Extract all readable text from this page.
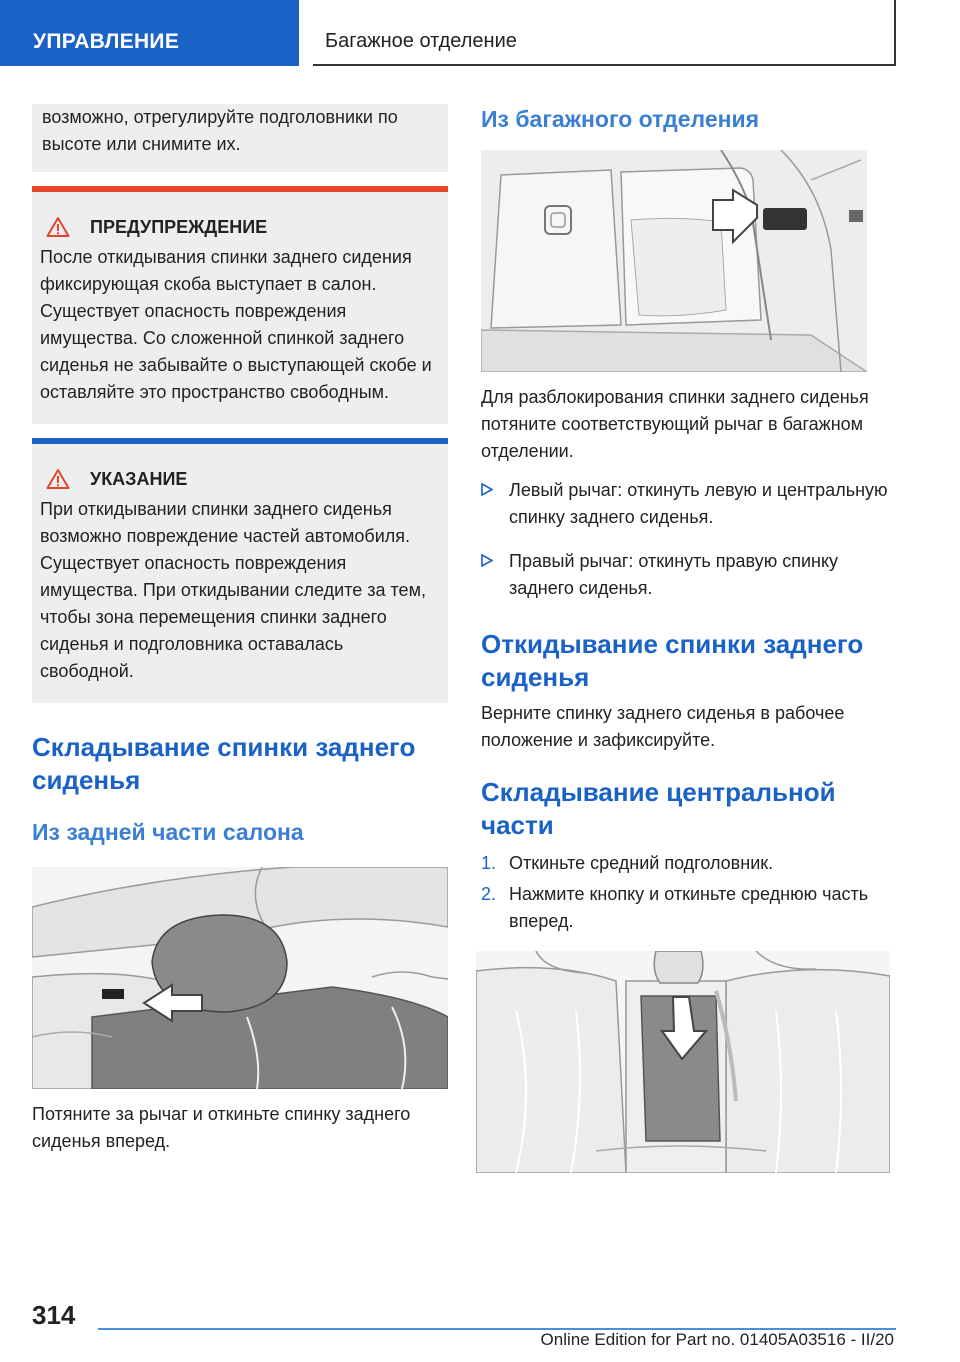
УПРАВЛЕНИЕ	Багажное отделение

возможно, отрегулируйте подголовники по высоте или снимите их.

ПРЕДУПРЕЖДЕНИЕ

После откидывания спинки заднего сидения фиксирующая скоба выступает в салон. Существует опасность повреждения имущества. Со сложенной спинкой заднего сиденья не забывайте о выступающей скобе и оставляйте это пространство свободным.

УКАЗАНИЕ

При откидывании спинки заднего сиденья возможно повреждение частей автомобиля. Существует опасность повреждения имущества. При откидывании следите за тем, чтобы зона перемещения спинки заднего сиденья и подголовника оставалась свободной.

Складывание спинки заднего сиденья
Из задней части салона

Потяните за рычаг и откиньте спинку заднего сиденья вперед.

Из багажного отделения

Для разблокирования спинки заднего сиденья потяните соответствующий рычаг в багажном отделении.

Левый рычаг: откинуть левую и центральную спинку заднего сиденья.
Правый рычаг: откинуть правую спинку заднего сиденья.
Откидывание спинки заднего сиденья

Верните спинку заднего сиденья в рабочее положение и зафиксируйте.

Складывание центральной части
1. Откиньте средний подголовник.
2. Нажмите кнопку и откиньте среднюю часть вперед.
314
Online Edition for Part no. 01405A03516 - II/20
